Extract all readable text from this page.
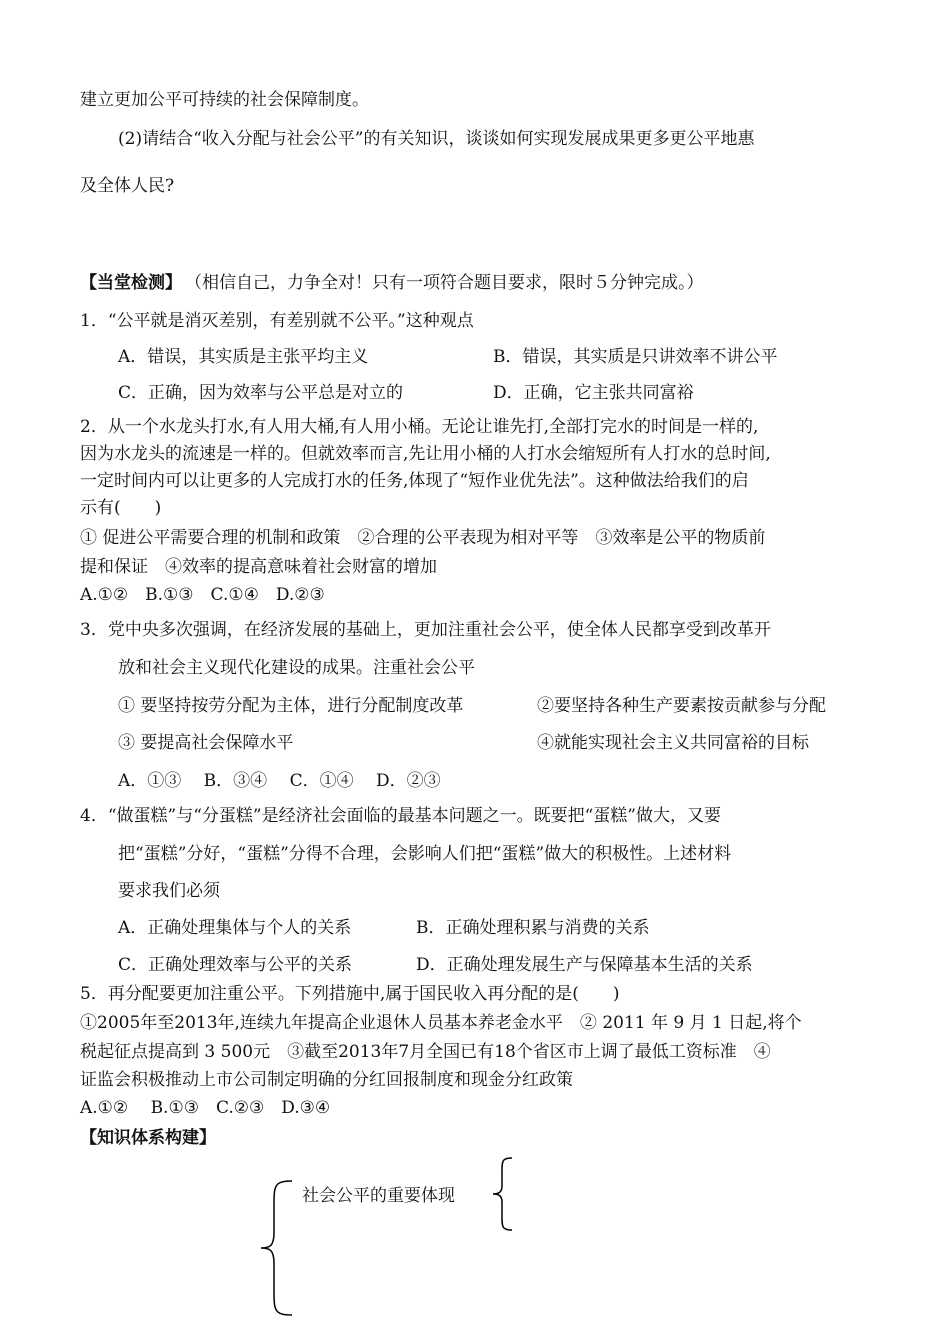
建立更加公平可持续的社会保障制度。
(2)请结合“收入分配与社会公平”的有关知识，谈谈如何实现发展成果更多更公平地惠
及全体人民?
【当堂检测】 （相信自己，力争全对！只有一项符合题目要求，限时５分钟完成。）
1．“公平就是消灭差别，有差别就不公平。”这种观点
A．错误，其实质是主张平均主义	B．错误，其实质是只讲效率不讲公平
C．正确，因为效率与公平总是对立的	D．正确，它主张共同富裕
2．从一个水龙头打水,有人用大桶,有人用小桶。无论让谁先打,全部打完水的时间是一样的,
因为水龙头的流速是一样的。但就效率而言,先让用小桶的人打水会缩短所有人打水的总时间,
一定时间内可以让更多的人完成打水的任务,体现了“短作业优先法”。这种做法给我们的启
示有(　　)
① 促进公平需要合理的机制和政策　②合理的公平表现为相对平等　③效率是公平的物质前
提和保证　④效率的提高意味着社会财富的增加
A.①②　B.①③　C.①④　D.②③
3．党中央多次强调，在经济发展的基础上，更加注重社会公平，使全体人民都享受到改革开
放和社会主义现代化建设的成果。注重社会公平
① 要坚持按劳分配为主体，进行分配制度改革	②要坚持各种生产要素按贡献参与分配
③ 要提高社会保障水平	④就能实现社会主义共同富裕的目标
A．①③　 B．③④　 C．①④　 D．②③
4．“做蛋糕”与“分蛋糕”是经济社会面临的最基本问题之一。既要把“蛋糕”做大，又要
把“蛋糕”分好，“蛋糕”分得不合理，会影响人们把“蛋糕”做大的积极性。上述材料
要求我们必须
A．正确处理集体与个人的关系	B．正确处理积累与消费的关系
C．正确处理效率与公平的关系	D．正确处理发展生产与保障基本生活的关系
5．再分配要更加注重公平。下列措施中,属于国民收入再分配的是(　　)
①2005年至2013年,连续九年提高企业退休人员基本养老金水平　② 2011 年 9 月 1 日起,将个
税起征点提高到 3 500元　③截至2013年7月全国已有18个省区市上调了最低工资标准　④
证监会积极推动上市公司制定明确的分红回报制度和现金分红政策
A.①②　 B.①③　C.②③　D.③④
【知识体系构建】
社会公平的重要体现
